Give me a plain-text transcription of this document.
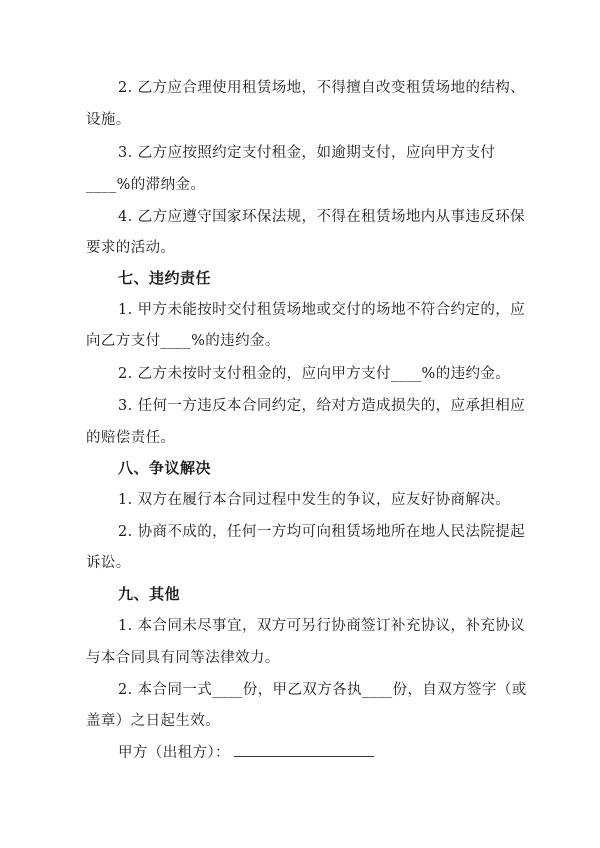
2. 乙方应合理使用租赁场地，不得擅自改变租赁场地的结构、
设施。
3. 乙方应按照约定支付租金，如逾期支付，应向甲方支付
____%的滞纳金。
4. 乙方应遵守国家环保法规，不得在租赁场地内从事违反环保
要求的活动。
七、违约责任
1. 甲方未能按时交付租赁场地或交付的场地不符合约定的，应
向乙方支付____%的违约金。
2. 乙方未按时支付租金的，应向甲方支付____%的违约金。
3. 任何一方违反本合同约定，给对方造成损失的，应承担相应
的赔偿责任。
八、争议解决
1. 双方在履行本合同过程中发生的争议，应友好协商解决。
2. 协商不成的，任何一方均可向租赁场地所在地人民法院提起
诉讼。
九、其他
1. 本合同未尽事宜，双方可另行协商签订补充协议，补充协议
与本合同具有同等法律效力。
2. 本合同一式____份，甲乙双方各执____份，自双方签字（或
盖章）之日起生效。
甲方（出租方）：
